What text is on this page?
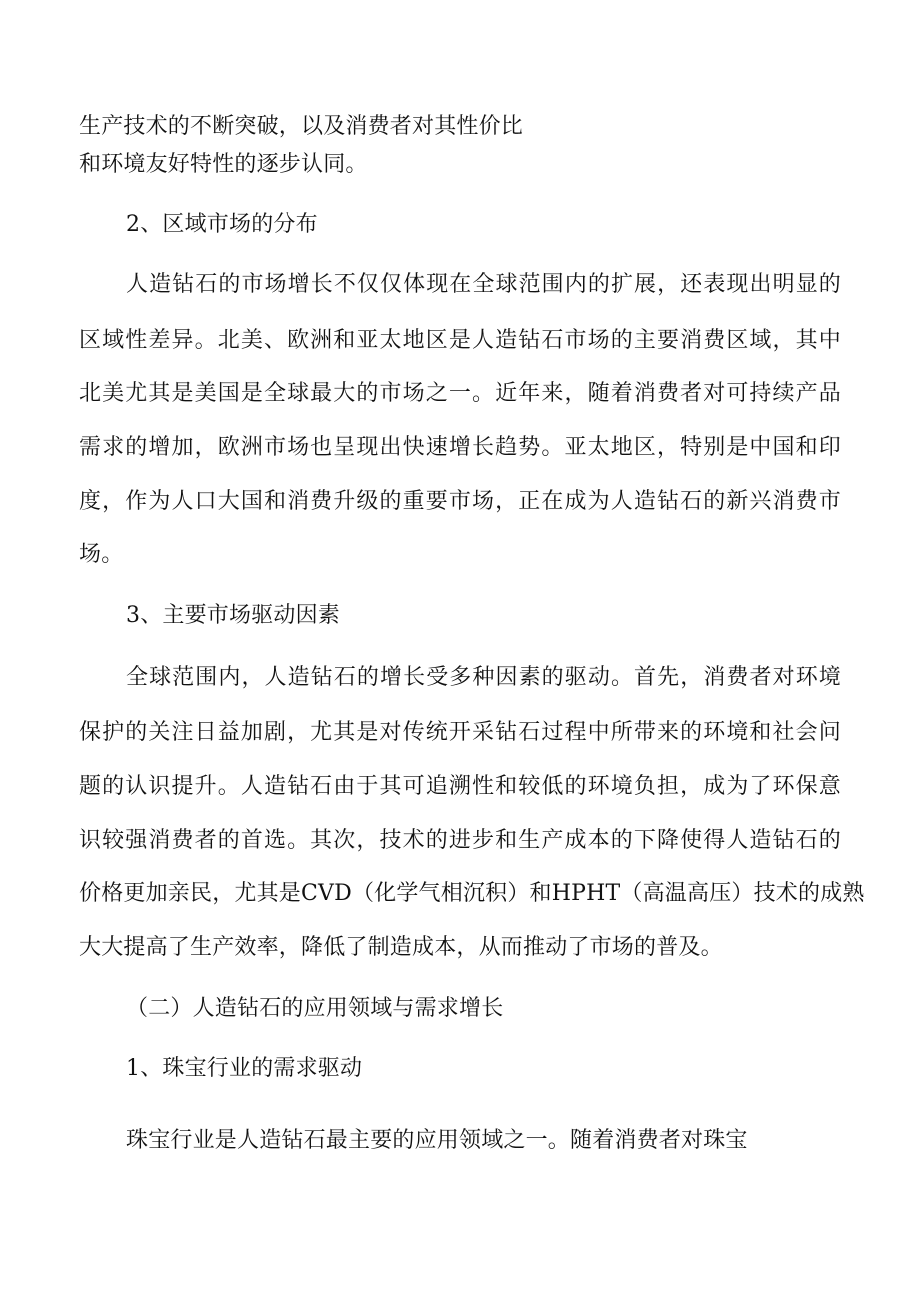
生产技术的不断突破，以及消费者对其性价比
和环境友好特性的逐步认同。
2、区域市场的分布
人造钻石的市场增长不仅仅体现在全球范围内的扩展，还表现出明显的
区域性差异。北美、欧洲和亚太地区是人造钻石市场的主要消费区域，其中
北美尤其是美国是全球最大的市场之一。近年来，随着消费者对可持续产品
需求的增加，欧洲市场也呈现出快速增长趋势。亚太地区，特别是中国和印
度，作为人口大国和消费升级的重要市场，正在成为人造钻石的新兴消费市
场。
3、主要市场驱动因素
全球范围内，人造钻石的增长受多种因素的驱动。首先，消费者对环境
保护的关注日益加剧，尤其是对传统开采钻石过程中所带来的环境和社会问
题的认识提升。人造钻石由于其可追溯性和较低的环境负担，成为了环保意
识较强消费者的首选。其次，技术的进步和生产成本的下降使得人造钻石的
价格更加亲民，尤其是CVD（化学气相沉积）和HPHT（高温高压）技术的成熟
大大提高了生产效率，降低了制造成本，从而推动了市场的普及。
（二）人造钻石的应用领域与需求增长
1、珠宝行业的需求驱动
珠宝行业是人造钻石最主要的应用领域之一。随着消费者对珠宝
